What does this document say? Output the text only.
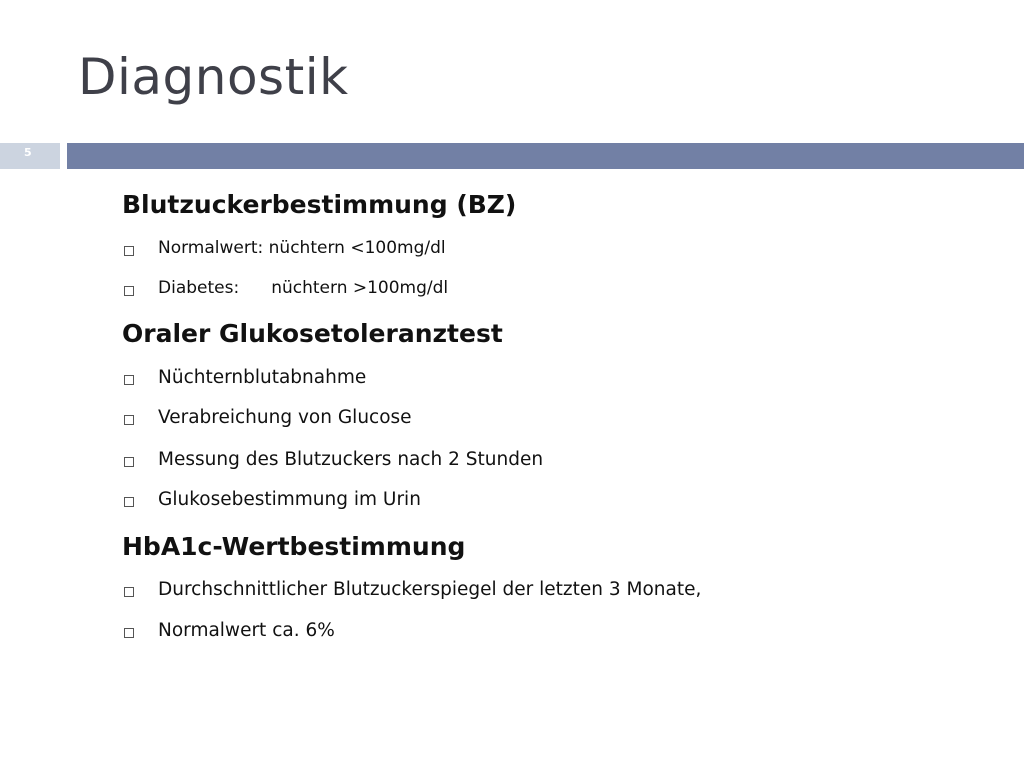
Diagnostik
5
Blutzuckerbestimmung (BZ)
Normalwert: nüchtern <100mg/dl
Diabetes: nüchtern >100mg/dl
Oraler Glukosetoleranztest
Nüchternblutabnahme
Verabreichung von Glucose
Messung des Blutzuckers nach 2 Stunden
Glukosebestimmung im Urin
HbA1c-Wertbestimmung
Durchschnittlicher Blutzuckerspiegel der letzten 3 Monate,
Normalwert ca. 6%
